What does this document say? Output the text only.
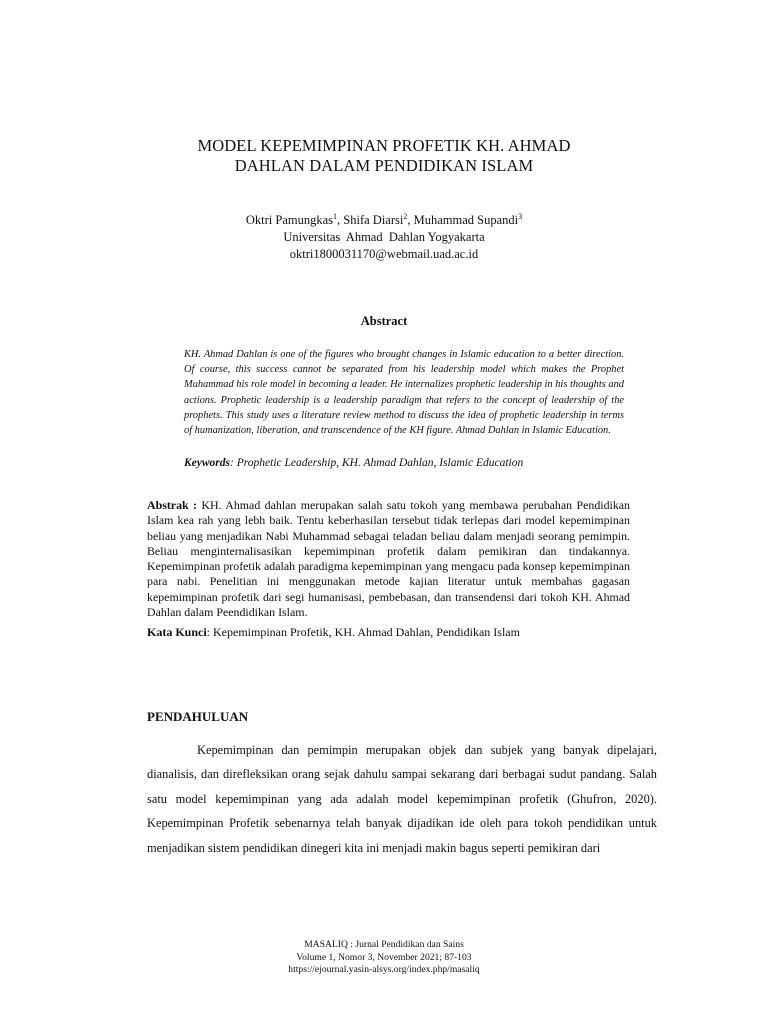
MODEL KEPEMIMPINAN PROFETIK KH. AHMAD
DAHLAN DALAM PENDIDIKAN ISLAM
Oktri Pamungkas$^1$, Shifa Diarsi$^2$, Muhammad Supandi$^3$
Universitas  Ahmad  Dahlan Yogyakarta
oktri1800031170@webmail.uad.ac.id
Abstract

KH. Ahmad Dahlan is one of the figures who brought changes in Islamic education to a better direction. Of course, this success cannot be separated from his leadership model which makes the Prophet Muhammad his role model in becoming a leader. He internalizes prophetic leadership in his thoughts and actions. Prophetic leadership is a leadership paradigm that refers to the concept of leadership of the prophets. This study uses a literature review method to discuss the idea of prophetic leadership in terms of humanization, liberation, and transcendence of the KH figure. Ahmad Dahlan in Islamic Education.

Keywords: Prophetic Leadership, KH. Ahmad Dahlan, Islamic Education

Abstrak : KH. Ahmad dahlan merupakan salah satu tokoh yang membawa perubahan Pendidikan Islam kea rah yang lebh baik. Tentu keberhasilan tersebut tidak terlepas dari model kepemimpinan beliau yang menjadikan Nabi Muhammad sebagai teladan beliau dalam menjadi seorang pemimpin. Beliau menginternalisasikan kepemimpinan profetik dalam pemikiran dan tindakannya. Kepemimpinan profetik adalah paradigma kepemimpinan yang mengacu pada konsep kepemimpinan para nabi. Penelitian ini menggunakan metode kajian literatur untuk membahas gagasan kepemimpinan profetik dari segi humanisasi, pembebasan, dan transendensi dari tokoh KH. Ahmad Dahlan dalam Peendidikan Islam.

Kata Kunci: Kepemimpinan Profetik, KH. Ahmad Dahlan, Pendidikan Islam

PENDAHULUAN

Kepemimpinan dan pemimpin merupakan objek dan subjek yang banyak dipelajari, dianalisis, dan direfleksikan orang sejak dahulu sampai sekarang dari berbagai sudut pandang. Salah satu model kepemimpinan yang ada adalah model kepemimpinan profetik (Ghufron, 2020). Kepemimpinan Profetik sebenarnya telah banyak dijadikan ide oleh para tokoh pendidikan untuk menjadikan sistem pendidikan dinegeri kita ini menjadi makin bagus seperti pemikiran dari

MASALIQ : Jurnal Pendidikan dan Sains
Volume 1, Nomor 3, November 2021; 87-103
https://ejournal.yasin-alsys.org/index.php/masaliq
